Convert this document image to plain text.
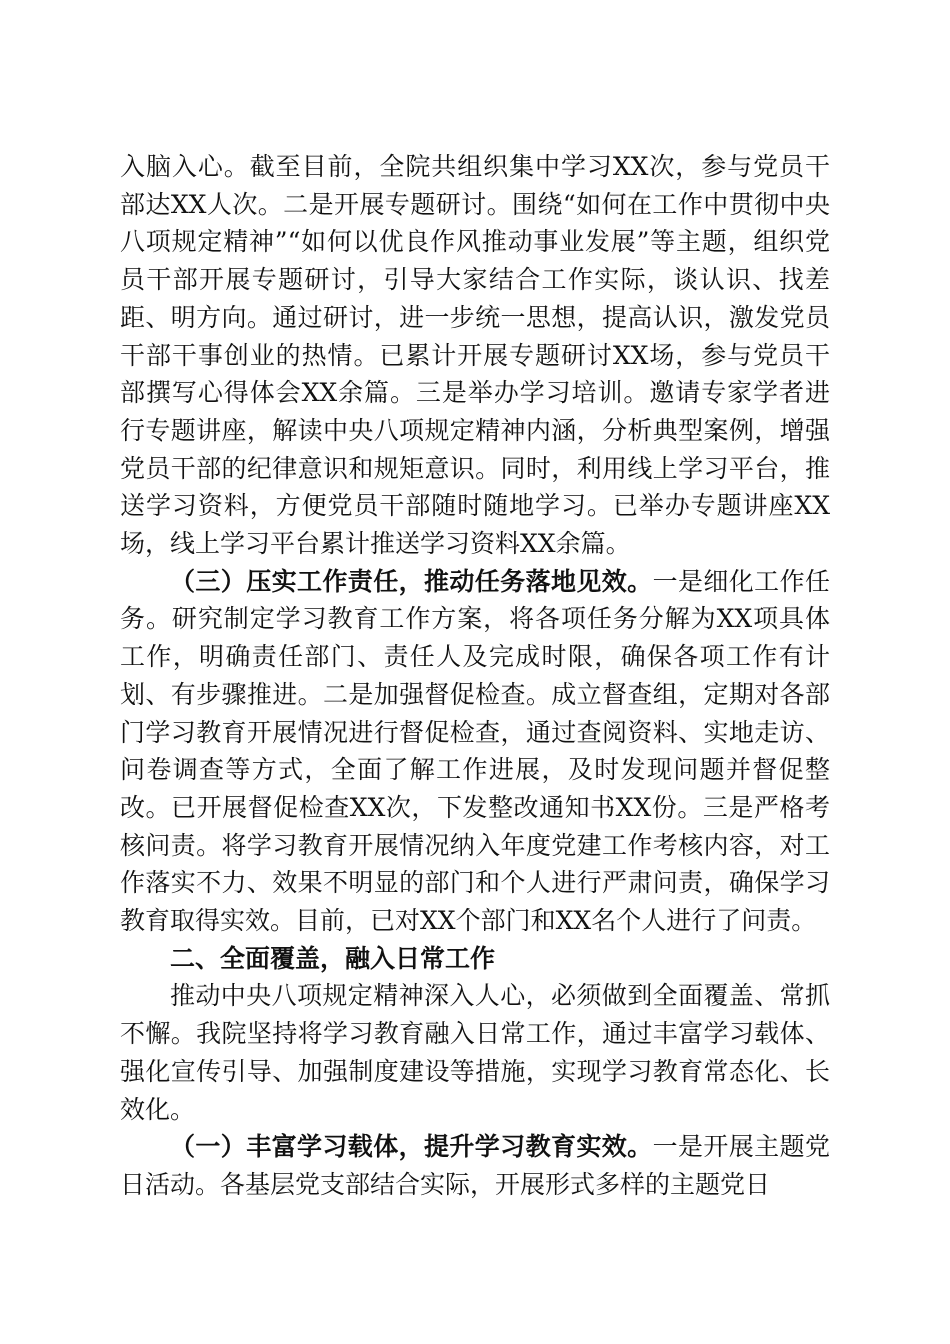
入脑入心。截至目前，全院共组织集中学习XX次，参与党员干部达XX人次。二是开展专题研讨。围绕“如何在工作中贯彻中央八项规定精神”“如何以优良作风推动事业发展”等主题，组织党员干部开展专题研讨，引导大家结合工作实际，谈认识、找差距、明方向。通过研讨，进一步统一思想，提高认识，激发党员干部干事创业的热情。已累计开展专题研讨XX场，参与党员干部撰写心得体会XX余篇。三是举办学习培训。邀请专家学者进行专题讲座，解读中央八项规定精神内涵，分析典型案例，增强党员干部的纪律意识和规矩意识。同时，利用线上学习平台，推送学习资料，方便党员干部随时随地学习。已举办专题讲座XX场，线上学习平台累计推送学习资料XX余篇。

（三）压实工作责任，推动任务落地见效。一是细化工作任务。研究制定学习教育工作方案，将各项任务分解为XX项具体工作，明确责任部门、责任人及完成时限，确保各项工作有计划、有步骤推进。二是加强督促检查。成立督查组，定期对各部门学习教育开展情况进行督促检查，通过查阅资料、实地走访、问卷调查等方式，全面了解工作进展，及时发现问题并督促整改。已开展督促检查XX次，下发整改通知书XX份。三是严格考核问责。将学习教育开展情况纳入年度党建工作考核内容，对工作落实不力、效果不明显的部门和个人进行严肃问责，确保学习教育取得实效。目前，已对XX个部门和XX名个人进行了问责。

二、全面覆盖，融入日常工作

推动中央八项规定精神深入人心，必须做到全面覆盖、常抓不懈。我院坚持将学习教育融入日常工作，通过丰富学习载体、强化宣传引导、加强制度建设等措施，实现学习教育常态化、长效化。

（一）丰富学习载体，提升学习教育实效。一是开展主题党日活动。各基层党支部结合实际，开展形式多样的主题党日
